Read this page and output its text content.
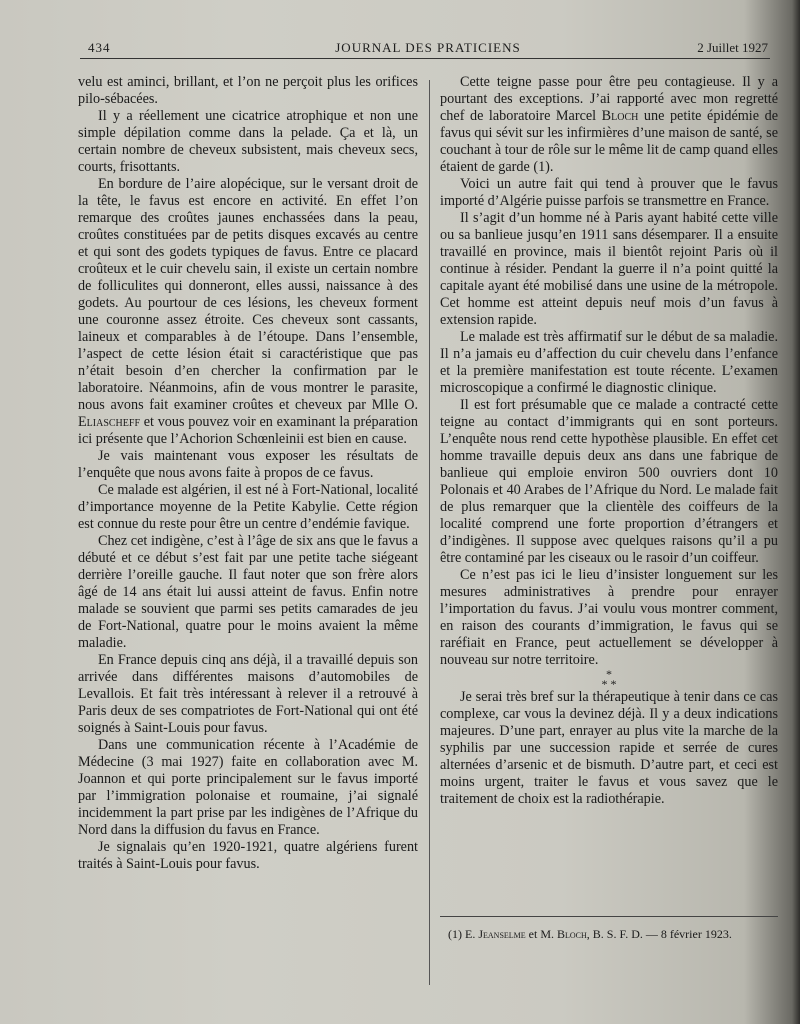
434	JOURNAL DES PRATICIENS	2 Juillet 1927

velu est aminci, brillant, et l’on ne perçoit plus les orifices pilo-sébacées.

Il y a réellement une cicatrice atrophique et non une simple dépilation comme dans la pelade. Ça et là, un certain nombre de cheveux subsistent, mais cheveux secs, courts, frisottants.

En bordure de l’aire alopécique, sur le versant droit de la tête, le favus est encore en activité. En effet l’on remarque des croûtes jaunes enchassées dans la peau, croûtes constituées par de petits disques excavés au centre et qui sont des godets typiques de favus. Entre ce placard croûteux et le cuir chevelu sain, il existe un certain nombre de folliculites qui donneront, elles aussi, naissance à des godets. Au pourtour de ces lésions, les cheveux forment une couronne assez étroite. Ces cheveux sont cassants, laineux et comparables à de l’étoupe. Dans l’ensemble, l’aspect de cette lésion était si caractéristique que pas n’était besoin d’en chercher la confirmation par le laboratoire. Néanmoins, afin de vous montrer le parasite, nous avons fait examiner croûtes et cheveux par Mlle O. Eliascheff et vous pouvez voir en examinant la préparation ici présente que l’Achorion Schœnleinii est bien en cause.

Je vais maintenant vous exposer les résultats de l’enquête que nous avons faite à propos de ce favus.

Ce malade est algérien, il est né à Fort-National, localité d’importance moyenne de la Petite Kabylie. Cette région est connue du reste pour être un centre d’endémie favique.

Chez cet indigène, c’est à l’âge de six ans que le favus a débuté et ce début s’est fait par une petite tache siégeant derrière l’oreille gauche. Il faut noter que son frère alors âgé de 14 ans était lui aussi atteint de favus. Enfin notre malade se souvient que parmi ses petits camarades de jeu de Fort-National, quatre pour le moins avaient la même maladie.

En France depuis cinq ans déjà, il a travaillé depuis son arrivée dans différentes maisons d’automobiles de Levallois. Et fait très intéressant à relever il a retrouvé à Paris deux de ses compatriotes de Fort-National qui ont été soignés à Saint-Louis pour favus.

Dans une communication récente à l’Académie de Médecine (3 mai 1927) faite en collaboration avec M. Joannon et qui porte principalement sur le favus importé par l’immigration polonaise et roumaine, j’ai signalé incidemment la part prise par les indigènes de l’Afrique du Nord dans la diffusion du favus en France.

Je signalais qu’en 1920-1921, quatre algériens furent traités à Saint-Louis pour favus.

Cette teigne passe pour être peu contagieuse. Il y a pourtant des exceptions. J’ai rapporté avec mon regretté chef de laboratoire Marcel Bloch une petite épidémie de favus qui sévit sur les infirmières d’une maison de santé, se couchant à tour de rôle sur le même lit de camp quand elles étaient de garde (1).

Voici un autre fait qui tend à prouver que le favus importé d’Algérie puisse parfois se transmettre en France.

Il s’agit d’un homme né à Paris ayant habité cette ville ou sa banlieue jusqu’en 1911 sans désemparer. Il a ensuite travaillé en province, mais il bientôt rejoint Paris où il continue à résider. Pendant la guerre il n’a point quitté la capitale ayant été mobilisé dans une usine de la métropole. Cet homme est atteint depuis neuf mois d’un favus à extension rapide.

Le malade est très affirmatif sur le début de sa maladie. Il n’a jamais eu d’affection du cuir chevelu dans l’enfance et la première manifestation est toute récente. L’examen microscopique a confirmé le diagnostic clinique.

Il est fort présumable que ce malade a contracté cette teigne au contact d’immigrants qui en sont porteurs. L’enquête nous rend cette hypothèse plausible. En effet cet homme travaille depuis deux ans dans une fabrique de banlieue qui emploie environ 500 ouvriers dont 10 Polonais et 40 Arabes de l’Afrique du Nord. Le malade fait de plus remarquer que la clientèle des coiffeurs de la localité comprend une forte proportion d’étrangers et d’indigènes. Il suppose avec quelques raisons qu’il a pu être contaminé par les ciseaux ou le rasoir d’un coiffeur.

Ce n’est pas ici le lieu d’insister longuement sur les mesures administratives à prendre pour enrayer l’importation du favus. J’ai voulu vous montrer comment, en raison des courants d’immigration, le favus qui se raréfiait en France, peut actuellement se développer à nouveau sur notre territoire.

*
* *

Je serai très bref sur la thérapeutique à tenir dans ce cas complexe, car vous la devinez déjà. Il y a deux indications majeures. D’une part, enrayer au plus vite la marche de la syphilis par une succession rapide et serrée de cures alternées d’arsenic et de bismuth. D’autre part, et ceci est moins urgent, traiter le favus et vous savez que le traitement de choix est la radiothérapie.

(1) E. Jeanselme et M. Bloch, B. S. F. D. — 8 février 1923.
